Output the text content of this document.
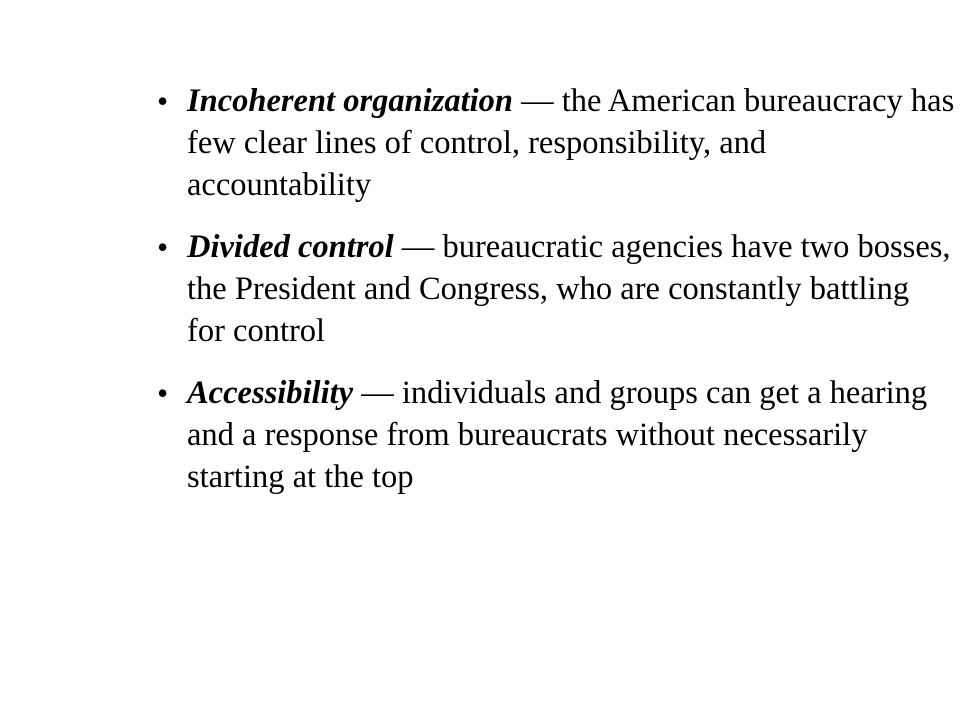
• Incoherent organization — the American bureaucracy has few clear lines of control, responsibility, and accountability
• Divided control — bureaucratic agencies have two bosses, the President and Congress, who are constantly battling for control
• Accessibility — individuals and groups can get a hearing and a response from bureaucrats without necessarily starting at the top
